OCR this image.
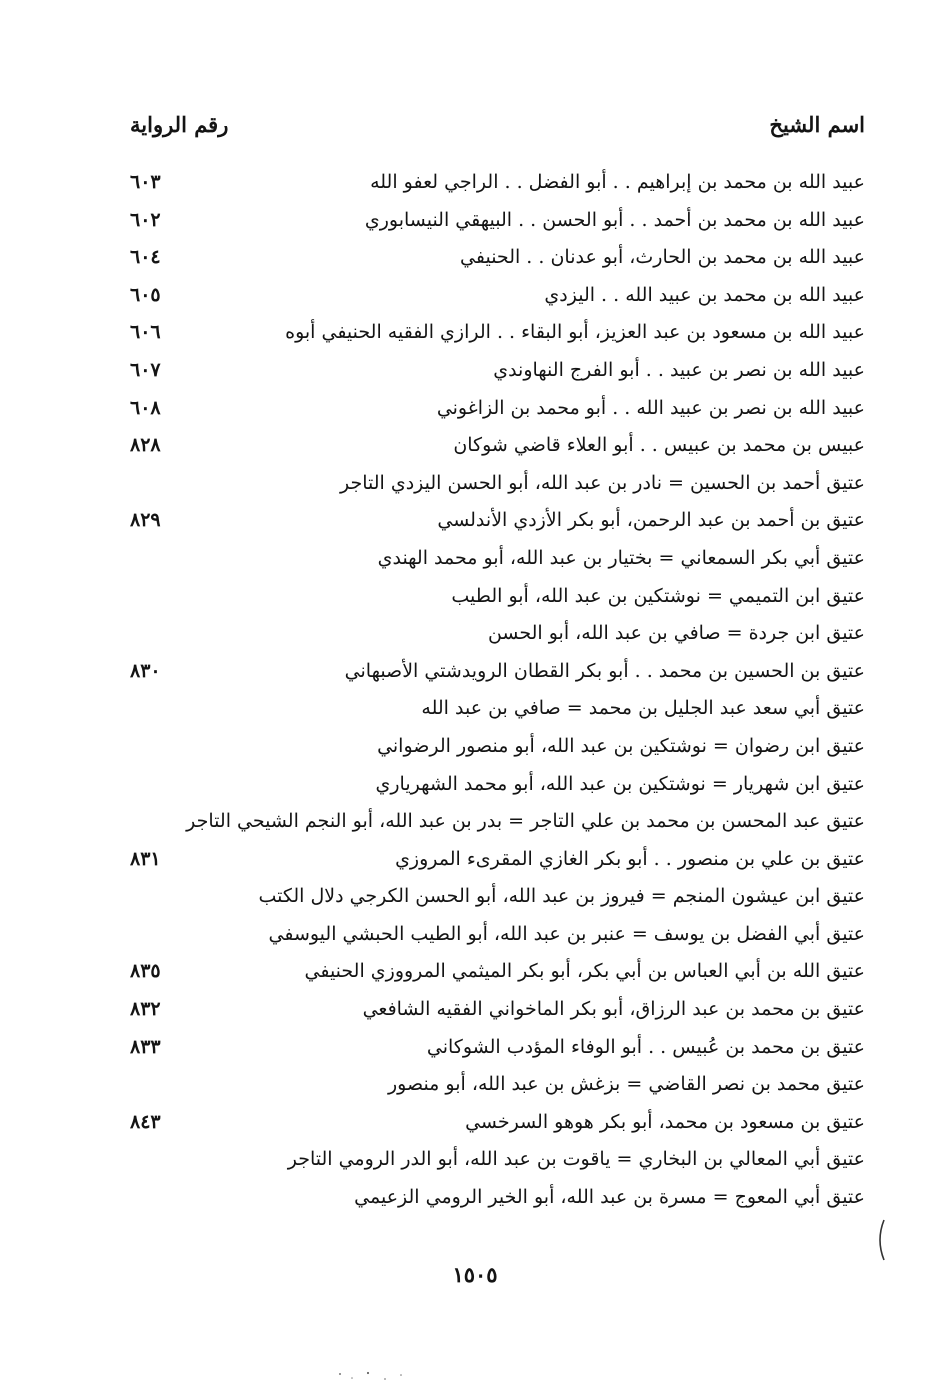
اسم الشيخ
رقم الرواية
عبيد الله بن محمد بن إبراهيم . . أبو الفضل . . الراجي لعفو الله
٦٠٣
عبيد الله بن محمد بن أحمد . . أبو الحسن . . البيهقي النيسابوري
٦٠٢
عبيد الله بن محمد بن الحارث، أبو عدنان . . الحنيفي
٦٠٤
عبيد الله بن محمد بن عبيد الله . . اليزدي
٦٠٥
عبيد الله بن مسعود بن عبد العزيز، أبو البقاء . . الرازي الفقيه الحنيفي أبوه
٦٠٦
عبيد الله بن نصر بن عبيد . . أبو الفرج النهاوندي
٦٠٧
عبيد الله بن نصر بن عبيد الله . . أبو محمد بن الزاغوني
٦٠٨
عبيس بن محمد بن عبيس . . أبو العلاء قاضي شوكان
٨٢٨
عتيق أحمد بن الحسين = نادر بن عبد الله، أبو الحسن اليزدي التاجر
عتيق بن أحمد بن عبد الرحمن، أبو بكر الأزدي الأندلسي
٨٢٩
عتيق أبي بكر السمعاني = بختيار بن عبد الله، أبو محمد الهندي
عتيق ابن التميمي = نوشتكين بن عبد الله، أبو الطيب
عتيق ابن جردة = صافي بن عبد الله، أبو الحسن
عتيق بن الحسين بن محمد . . أبو بكر القطان الرويدشتي الأصبهاني
٨٣٠
عتيق أبي سعد عبد الجليل بن محمد = صافي بن عبد الله
عتيق ابن رضوان = نوشتكين بن عبد الله، أبو منصور الرضواني
عتيق ابن شهريار = نوشتكين بن عبد الله، أبو محمد الشهرياري
عتيق عبد المحسن بن محمد بن علي التاجر = بدر بن عبد الله، أبو النجم الشيحي التاجر
عتيق بن علي بن منصور . . أبو بكر الغازي المقرىء المروزي
٨٣١
عتيق ابن عيشون المنجم = فيروز بن عبد الله، أبو الحسن الكرجي دلال الكتب
عتيق أبي الفضل بن يوسف = عنبر بن عبد الله، أبو الطيب الحبشي اليوسفي
عتيق الله بن أبي العباس بن أبي بكر، أبو بكر الميثمي المرووزي الحنيفي
٨٣٥
عتيق بن محمد بن عبد الرزاق، أبو بكر الماخواني الفقيه الشافعي
٨٣٢
عتيق بن محمد بن عُبيس . . أبو الوفاء المؤدب الشوكاني
٨٣٣
عتيق محمد بن نصر القاضي = بزغش بن عبد الله، أبو منصور
عتيق بن مسعود بن محمد، أبو بكر هوهو السرخسي
٨٤٣
عتيق أبي المعالي بن البخاري = ياقوت بن عبد الله، أبو الدر الرومي التاجر
عتيق أبي المعوج = مسرة بن عبد الله، أبو الخير الرومي الزعيمي
١٥٠٥
